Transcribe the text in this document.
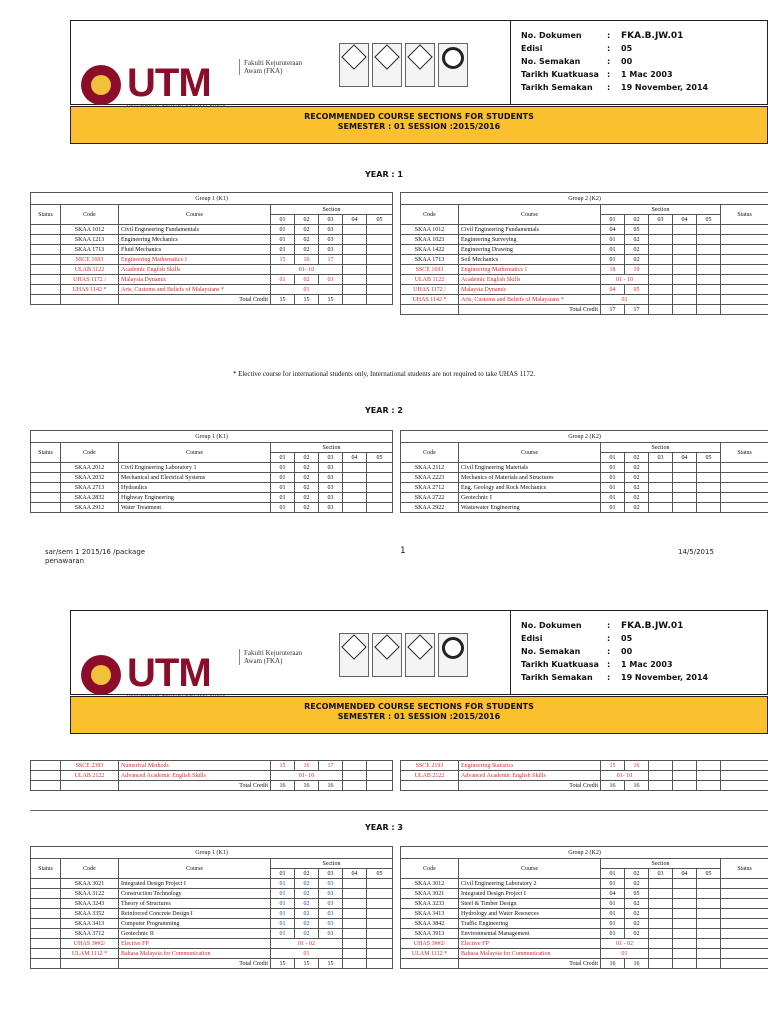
UTM	Fakulti Kejuruteraan Awam (FKA)
No. Dokumen	:	FKA.B.JW.01
Edisi	:	05
No. Semakan	:	00
Tarikh Kuatkuasa	:	1 Mac 2003
Tarikh Semakan	:	19 November, 2014
RECOMMENDED COURSE SECTIONS FOR STUDENTS
SEMESTER : 01 SESSION :2015/2016
YEAR : 1
Group 1 (K1)							
Status	Code	Course	Section				
			01	02	03	04	05
	SKAA 1012	Civil Engineering Fundamentals	01	02	03		
	SKAA 1213	Engineering Mechanics	01	02	03		
	SKAA 1713	Fluid Mechanics	01	02	03		
	SSCE 1693	Engineering Mathematics 1	15	16	17		
	ULAB 1122	Academic English Skills	01- 10				
	UHAS 1172 /	Malaysia Dynamic	01	02	03		
	UHAS 1142 *	Arts, Customs and Beliefs of Malaysians *	01				
		Total Credit	15	15	15		
Group 2 (K2)							
Code	Course	Section					Status
		01	02	03	04	05	
SKAA 1012	Civil Engineering Fundamentals	04	05				
SKAA 1023	Engineering Surveying	01	02				
SKAA 1422	Engineering Drawing	01	02				
SKAA 1713	Soil Mechanics	01	02				
SSCE 1693	Engineering Mathematics 1	18	19				
ULAB 1122	Academic English Skills	01 - 10					
UHAS 1172 /	Malaysia Dynamic	04	05				
UHAS 1142 *	Arts, Customs and Beliefs of Malaysians *	01					
	Total Credit	17	17				
* Elective course for international students only, International students are not required to take UHAS 1172.
YEAR : 2
Group 1 (K1)							
Status	Code	Course	Section				
			01	02	03	04	05
	SKAA 2012	Civil Engineering Laboratory 1	01	02	03		
	SKAA 2032	Mechanical and Electrical Systems	01	02	03		
	SKAA 2713	Hydraulics	01	02	03		
	SKAA 2832	Highway Engineering	01	02	03		
	SKAA 2912	Water Treatment	01	02	03		
Group 2 (K2)							
Code	Course	Section					Status
		01	02	03	04	05	
SKAA 2112	Civil Engineering Materials	01	02				
SKAA 2223	Mechanics of Materials and Structures	01	02				
SKAA 2712	Eng. Geology and Rock Mechanics	01	02				
SKAA 2722	Geotechnic I	01	02				
SKAA 2922	Wastewater Engineering	01	02				
sar/sem 1 2015/16 /package
penawaran
1	14/5/2015
UTM	Fakulti Kejuruteraan Awam (FKA)
No. Dokumen	:	FKA.B.JW.01
Edisi	:	05
No. Semakan	:	00
Tarikh Kuatkuasa	:	1 Mac 2003
Tarikh Semakan	:	19 November, 2014
RECOMMENDED COURSE SECTIONS FOR STUDENTS
SEMESTER : 01 SESSION :2015/2016
	SSCE 2393	Numerical Methods	15	16	17		
	ULAB 2122	Advanced Academic English Skills	01- 10				
		Total Credit	16	16	16		
SSCE 2193	Engineering Statistics	15	16				
ULAB 2122	Advanced Academic English Skills	01- 10					
	Total Credit	16	16				
YEAR : 3
Group 1 (K1)							
Status	Code	Course	Section				
			01	02	03	04	05
	SKAA 3021	Integrated Design Project I	01	02	03		
	SKAA 3122	Construction Technology	01	02	03		
	SKAA 3243	Theory of Structures	01	02	03		
	SKAA 3352	Reinforced Concrete Design I	01	02	03		
	SKAA 3413	Computer Programming	01	02	03		
	SKAA 3712	Geotechnic II	01	02	03		
	UHAS 3##2/	Elective FP	01 - 02				
	ULAM 1112 *	Bahasa Malaysia for Communication	01				
		Total Credit	15	15	15		
Group 2 (K2)							
Code	Course	Section					Status
		01	02	03	04	05	
SKAA 3012	Civil Engineering Laboratory 2	01	02				
SKAA 3021	Integrated Design Project I	04	05				
SKAA 3233	Steel & Timber Design	01	02				
SKAA 3413	Hydrology and Water Resources	01	02				
SKAA 3842	Traffic Engineering	01	02				
SKAA 3913	Environmental Management	01	02				
UHAS 3##2/	Elective FP	01 - 02					
ULAM 1112 *	Bahasa Malaysia for Communication	01					
	Total Credit	16	16				
